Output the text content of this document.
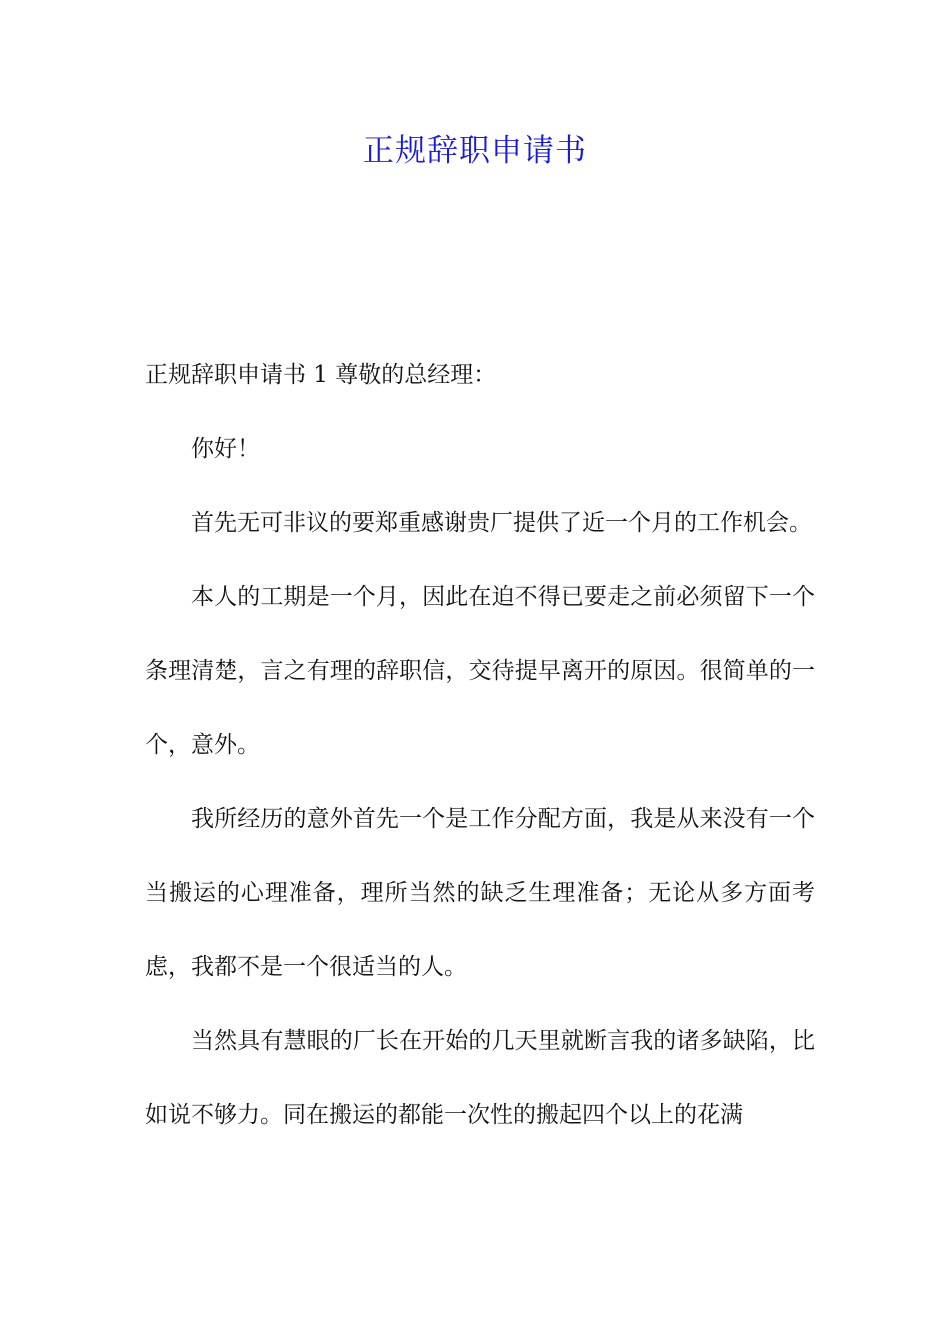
正规辞职申请书

正规辞职申请书 1 尊敬的总经理：

你好！

首先无可非议的要郑重感谢贵厂提供了近一个月的工作机会。

本人的工期是一个月，因此在迫不得已要走之前必须留下一个条理清楚，言之有理的辞职信，交待提早离开的原因。很简单的一个，意外。

我所经历的意外首先一个是工作分配方面，我是从来没有一个当搬运的心理准备，理所当然的缺乏生理准备；无论从多方面考虑，我都不是一个很适当的人。

当然具有慧眼的厂长在开始的几天里就断言我的诸多缺陷，比如说不够力。同在搬运的都能一次性的搬起四个以上的花满
